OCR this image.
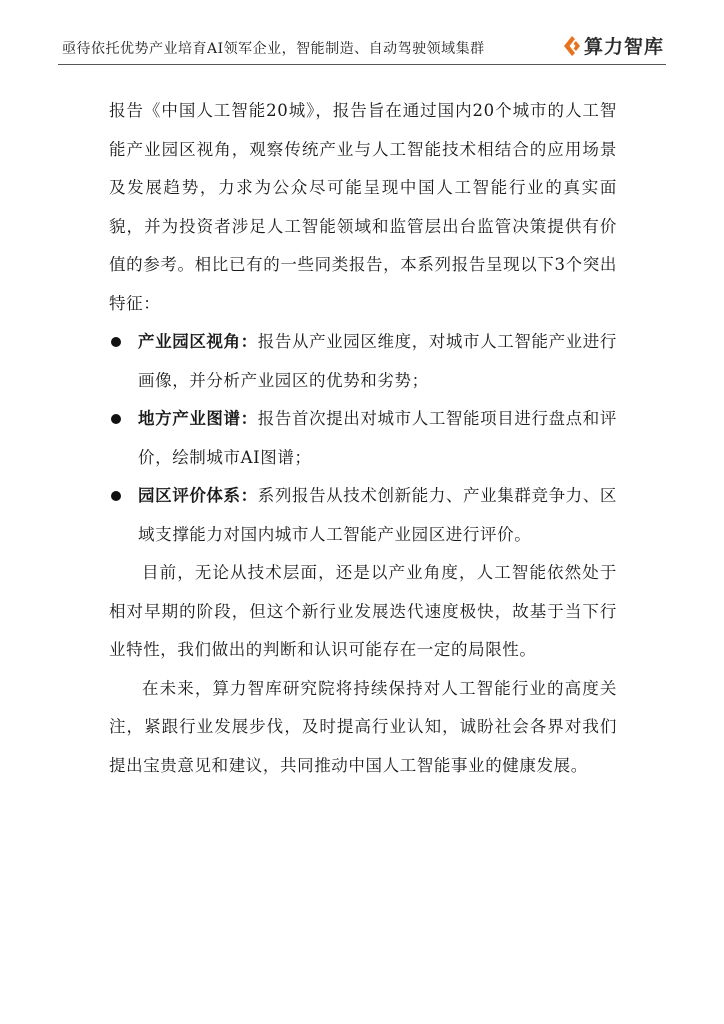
亟待依托优势产业培育AI领军企业，智能制造、自动驾驶领域集群	算力智库

报告《中国人工智能20城》，报告旨在通过国内20个城市的人工智能产业园区视角，观察传统产业与人工智能技术相结合的应用场景及发展趋势，力求为公众尽可能呈现中国人工智能行业的真实面貌，并为投资者涉足人工智能领域和监管层出台监管决策提供有价值的参考。相比已有的一些同类报告，本系列报告呈现以下3个突出特征：

产业园区视角：报告从产业园区维度，对城市人工智能产业进行画像，并分析产业园区的优势和劣势；
地方产业图谱：报告首次提出对城市人工智能项目进行盘点和评价，绘制城市AI图谱；
园区评价体系：系列报告从技术创新能力、产业集群竞争力、区域支撑能力对国内城市人工智能产业园区进行评价。

目前，无论从技术层面，还是以产业角度，人工智能依然处于相对早期的阶段，但这个新行业发展迭代速度极快，故基于当下行业特性，我们做出的判断和认识可能存在一定的局限性。

在未来，算力智库研究院将持续保持对人工智能行业的高度关注，紧跟行业发展步伐，及时提高行业认知，诚盼社会各界对我们提出宝贵意见和建议，共同推动中国人工智能事业的健康发展。
